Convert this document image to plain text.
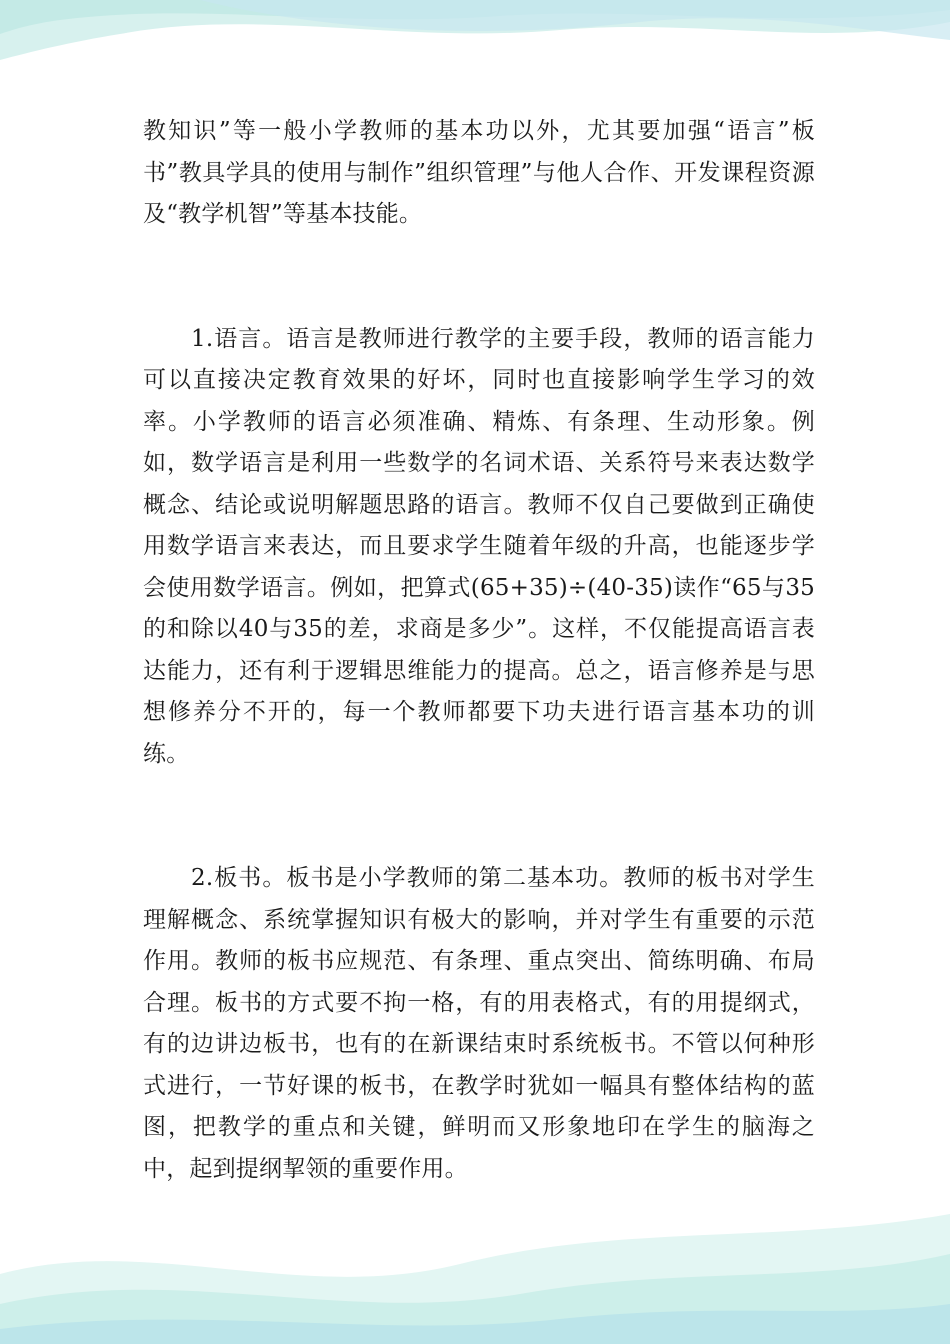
教知识”等一般小学教师的基本功以外，尤其要加强“语言”板书”教具学具的使用与制作”组织管理”与他人合作、开发课程资源及“教学机智”等基本技能。

1.语言。语言是教师进行教学的主要手段，教师的语言能力可以直接决定教育效果的好坏，同时也直接影响学生学习的效率。小学教师的语言必须准确、精炼、有条理、生动形象。例如，数学语言是利用一些数学的名词术语、关系符号来表达数学概念、结论或说明解题思路的语言。教师不仅自己要做到正确使用数学语言来表达，而且要求学生随着年级的升高，也能逐步学会使用数学语言。例如，把算式(65+35)÷(40-35)读作“65与35的和除以40与35的差，求商是多少”。这样，不仅能提高语言表达能力，还有利于逻辑思维能力的提高。总之，语言修养是与思想修养分不开的，每一个教师都要下功夫进行语言基本功的训练。

2.板书。板书是小学教师的第二基本功。教师的板书对学生理解概念、系统掌握知识有极大的影响，并对学生有重要的示范作用。教师的板书应规范、有条理、重点突出、简练明确、布局合理。板书的方式要不拘一格，有的用表格式，有的用提纲式，有的边讲边板书，也有的在新课结束时系统板书。不管以何种形式进行，一节好课的板书，在教学时犹如一幅具有整体结构的蓝图，把教学的重点和关键，鲜明而又形象地印在学生的脑海之中，起到提纲挈领的重要作用。
